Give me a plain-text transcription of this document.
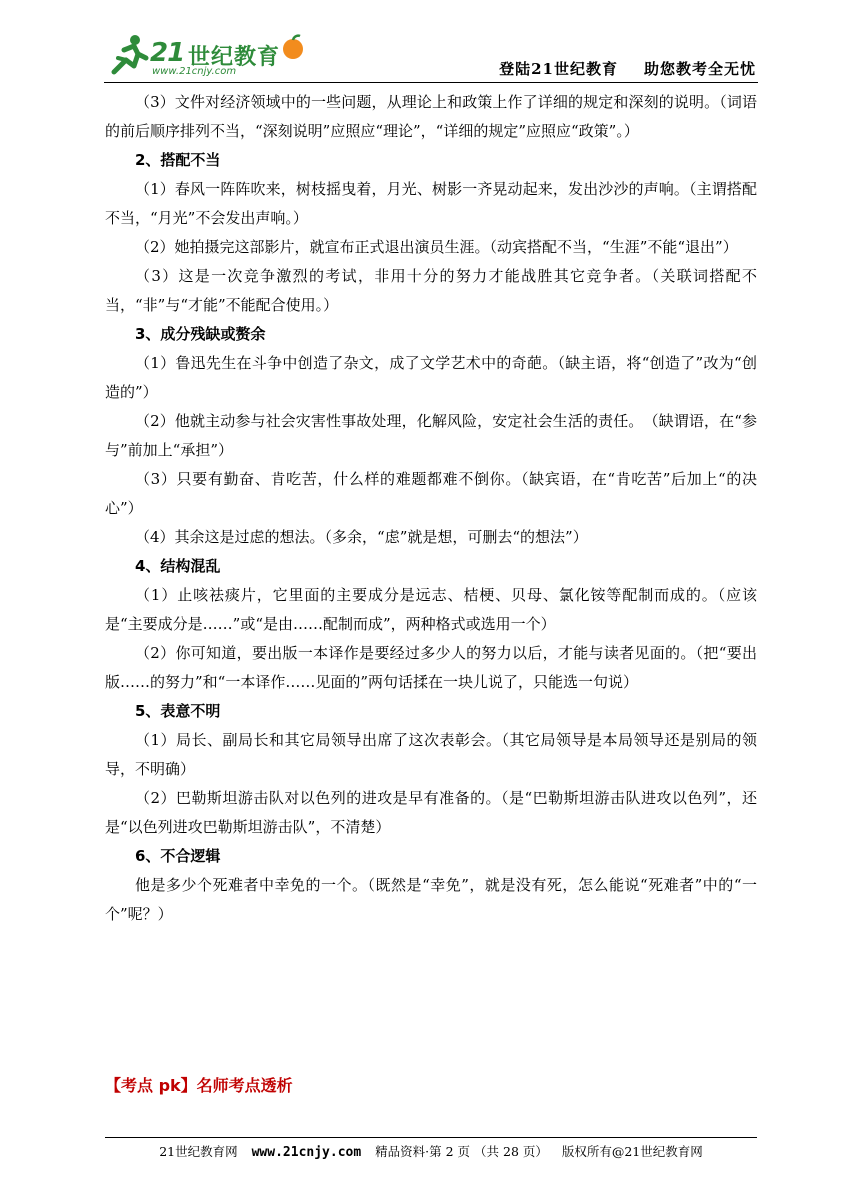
21 世纪教育
www.21cnjy.com	登陆21世纪教育 助您教考全无忧

（3）文件对经济领域中的一些问题，从理论上和政策上作了详细的规定和深刻的说明。（词语的前后顺序排列不当，“深刻说明”应照应“理论”，“详细的规定”应照应“政策”。）

2、搭配不当

（1）春风一阵阵吹来，树枝摇曳着，月光、树影一齐晃动起来，发出沙沙的声响。（主谓搭配不当，“月光”不会发出声响。）

（2）她拍摄完这部影片，就宣布正式退出演员生涯。（动宾搭配不当，“生涯”不能“退出”）

（3）这是一次竞争激烈的考试，非用十分的努力才能战胜其它竞争者。（关联词搭配不当，“非”与“才能”不能配合使用。）

3、成分残缺或赘余

（1）鲁迅先生在斗争中创造了杂文，成了文学艺术中的奇葩。（缺主语，将“创造了”改为“创造的”）

（2）他就主动参与社会灾害性事故处理，化解风险，安定社会生活的责任。　（缺谓语，在“参与”前加上“承担”）

（3）只要有勤奋、肯吃苦，什么样的难题都难不倒你。（缺宾语，在“肯吃苦”后加上“的决心”）

（4）其余这是过虑的想法。（多余，“虑”就是想，可删去“的想法”）

4、结构混乱

（1）止咳祛痰片，它里面的主要成分是远志、桔梗、贝母、氯化铵等配制而成的。（应该是“主要成分是……”或“是由……配制而成”，两种格式或选用一个）

（2）你可知道，要出版一本译作是要经过多少人的努力以后，才能与读者见面的。（把“要出版……的努力”和“一本译作……见面的”两句话揉在一块儿说了，只能选一句说）

5、表意不明

（1）局长、副局长和其它局领导出席了这次表彰会。（其它局领导是本局领导还是别局的领导，不明确）

（2）巴勒斯坦游击队对以色列的进攻是早有准备的。（是“巴勒斯坦游击队进攻以色列”，还是“以色列进攻巴勒斯坦游击队”，不清楚）

6、不合逻辑

他是多少个死难者中幸免的一个。（既然是“幸免”，就是没有死，怎么能说“死难者”中的“一个”呢？）

【考点 pk】名师考点透析
21世纪教育网 www.21cnjy.com 精品资料·第 2 页 （共 28 页） 版权所有@21世纪教育网
